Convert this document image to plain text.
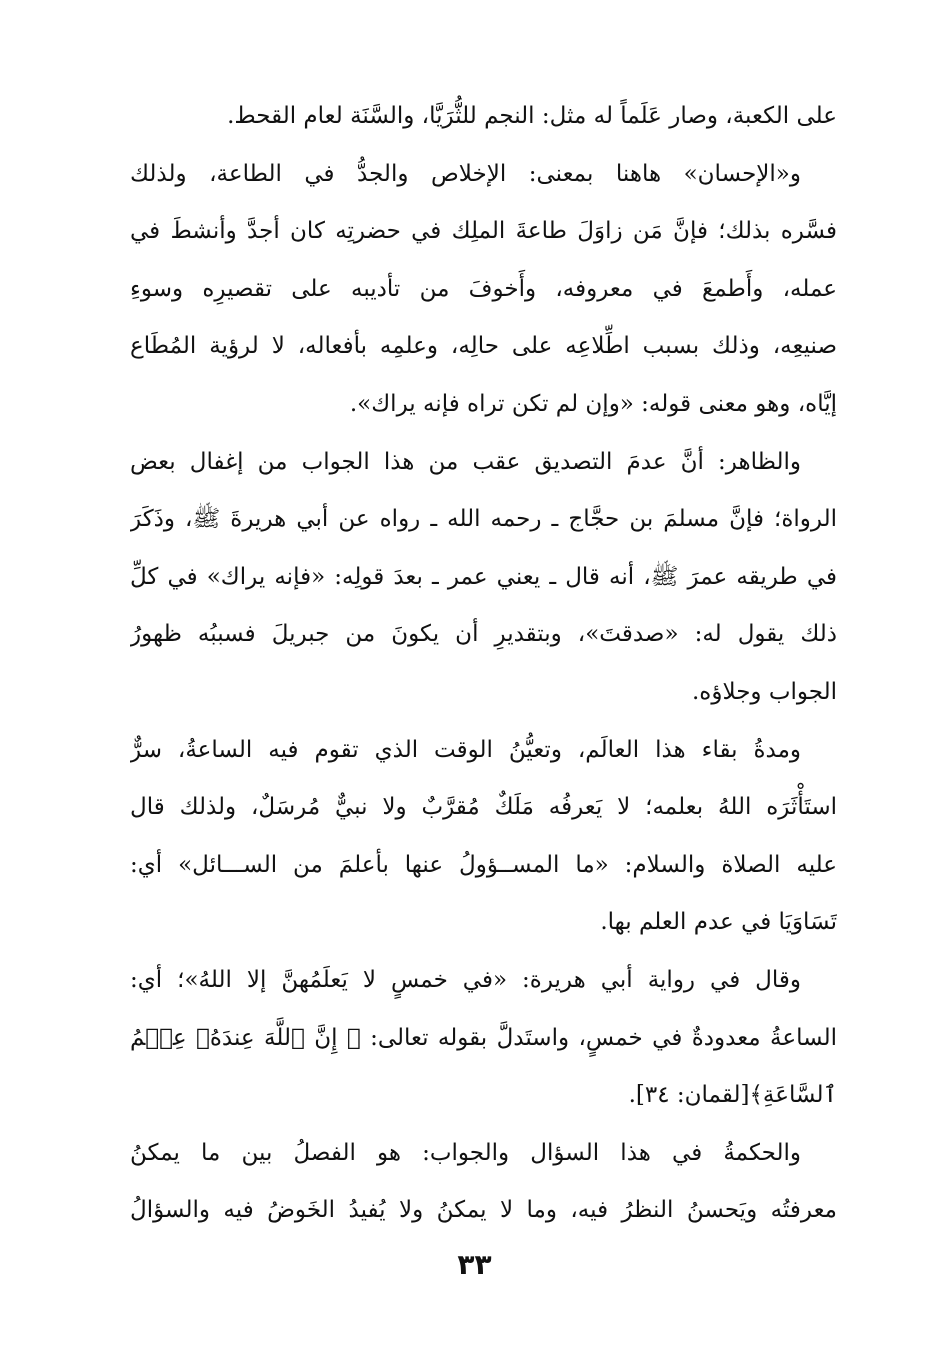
على الكعبة، وصار عَلَماً له مثل: النجم للثُّرَيَّا، والسَّنَة لعام القحط.
و«الإحسان» هاهنا بمعنى: الإخلاص والجدُّ في الطاعة، ولذلك
فسَّره بذلك؛ فإنَّ مَن زاوَلَ طاعةَ الملِك في حضرتِه كان أجدَّ وأنشطَ في
عمله، وأَطمعَ في معروفه، وأَخوفَ من تأديبه على تقصيرِه وسوءِ
صنيعِه، وذلك بسبب اطِّلاعِه على حالِه، وعلمِه بأفعاله، لا لرؤية المُطَاع
إيَّاه، وهو معنى قوله: «وإن لم تكن تراه فإنه يراك».
والظاهر: أنَّ عدمَ التصديق عقب من هذا الجواب من إغفال بعض
الرواة؛ فإنَّ مسلمَ بن حجَّاج ـ رحمه الله ـ رواه عن أبي هريرةَ ﷺ، وذَكَرَ
في طريقه عمرَ ﷺ، أنه قال ـ يعني عمر ـ بعدَ قولِه: «فإنه يراك» في كلِّ
ذلك يقول له: «صدقتَ»، وبتقديرِ أن يكونَ من جبريلَ فسببُه ظهورُ
الجواب وجلاؤه.
ومدةُ بقاء هذا العالَم، وتعيُّنُ الوقت الذي تقوم فيه الساعةُ، سرٌّ
استَأْثَرَه اللهُ بعلمه؛ لا يَعرفُه مَلَكٌ مُقرَّبٌ ولا نبيٌّ مُرسَلٌ، ولذلك قال
عليه الصلاة والسلام: «ما المســؤولُ عنها بأعلمَ من الســـائل» أي:
تَسَاوَيَا في عدم العلم بها.
وقال في رواية أبي هريرة: «في خمسٍ لا يَعلَمُهنَّ إلا اللهُ»؛ أي:
الساعةُ معدودةٌ في خمسٍ، واستَدلَّ بقوله تعالى: ﴿ إِنَّ ٱللَّهَ عِندَهُۥ عِلۡمُ
ٱلسَّاعَةِ﴾[لقمان: ٣٤].
والحكمةُ في هذا السؤال والجواب: هو الفصلُ بين ما يمكنُ
معرفتُه ويَحسنُ النظرُ فيه، وما لا يمكنُ ولا يُفيدُ الخَوضُ فيه والسؤالُ
٣٣
